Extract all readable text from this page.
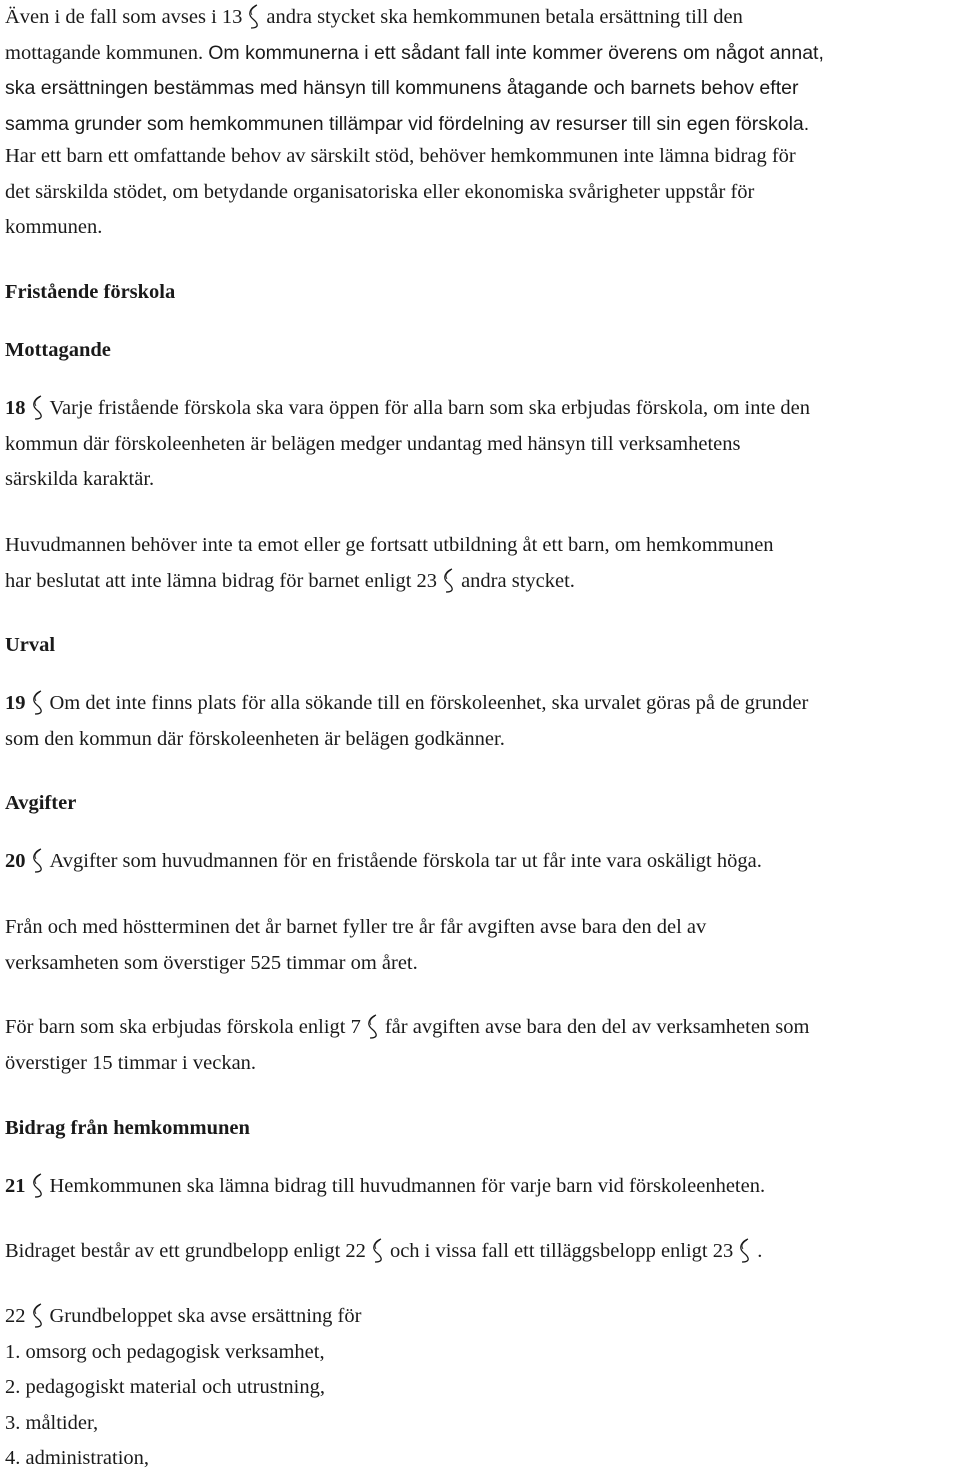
Även i de fall som avses i 13 andra stycket ska hemkommunen betala ersättning till den

mottagande kommunen. Om kommunerna i ett sådant fall inte kommer överens om något annat,

ska ersättningen bestämmas med hänsyn till kommunens åtagande och barnets behov efter

samma grunder som hemkommunen tillämpar vid fördelning av resurser till sin egen förskola.

Har ett barn ett omfattande behov av särskilt stöd, behöver hemkommunen inte lämna bidrag för

det särskilda stödet, om betydande organisatoriska eller ekonomiska svårigheter uppstår för

kommunen.

Fristående förskola
Mottagande

18 Varje fristående förskola ska vara öppen för alla barn som ska erbjudas förskola, om inte den

kommun där förskoleenheten är belägen medger undantag med hänsyn till verksamhetens

särskilda karaktär.

Huvudmannen behöver inte ta emot eller ge fortsatt utbildning åt ett barn, om hemkommunen

har beslutat att inte lämna bidrag för barnet enligt 23 andra stycket.

Urval

19 Om det inte finns plats för alla sökande till en förskoleenhet, ska urvalet göras på de grunder

som den kommun där förskoleenheten är belägen godkänner.

Avgifter

20 Avgifter som huvudmannen för en fristående förskola tar ut får inte vara oskäligt höga.

Från och med höstterminen det år barnet fyller tre år får avgiften avse bara den del av

verksamheten som överstiger 525 timmar om året.

För barn som ska erbjudas förskola enligt 7 får avgiften avse bara den del av verksamheten som

överstiger 15 timmar i veckan.

Bidrag från hemkommunen

21 Hemkommunen ska lämna bidrag till huvudmannen för varje barn vid förskoleenheten.

Bidraget består av ett grundbelopp enligt 22 och i vissa fall ett tilläggsbelopp enligt 23 .

22 Grundbeloppet ska avse ersättning för

1. omsorg och pedagogisk verksamhet,

2. pedagogiskt material och utrustning,

3. måltider,

4. administration,
